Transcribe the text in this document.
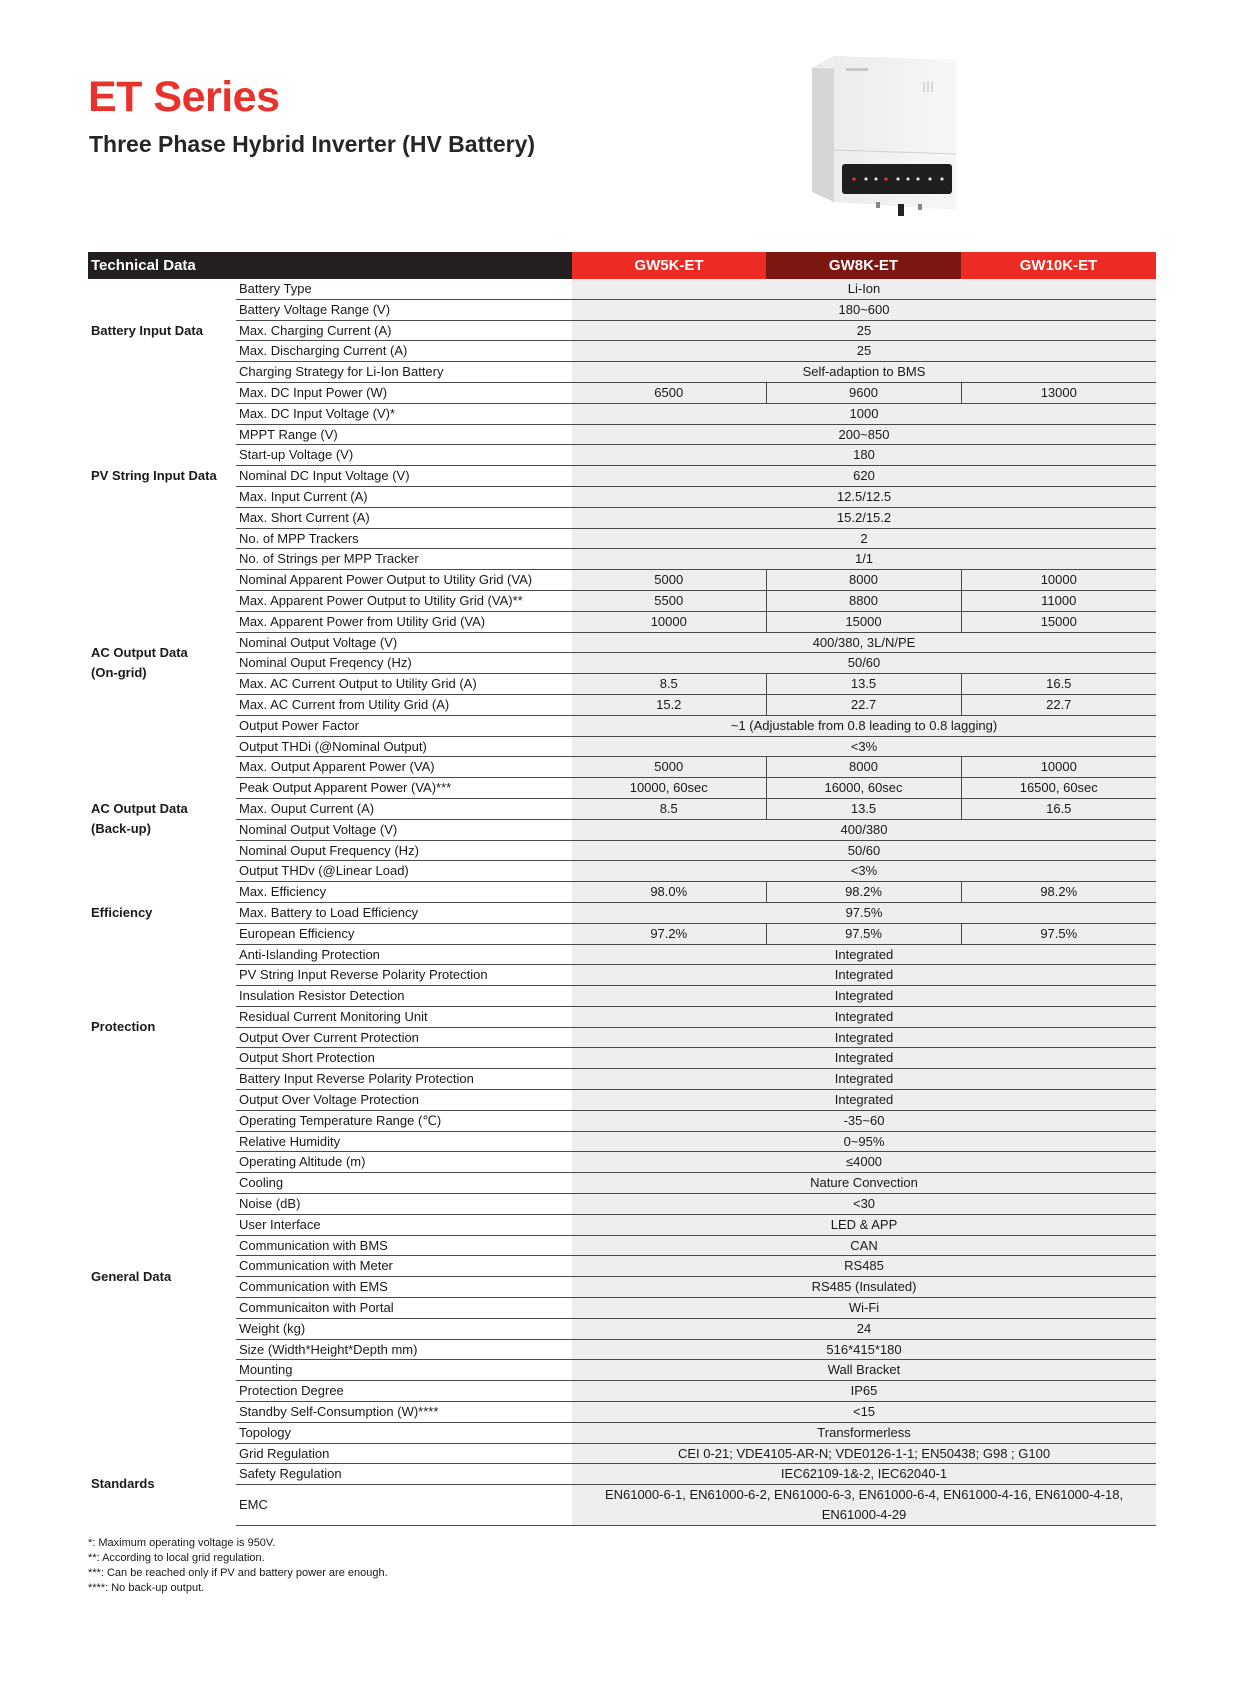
ET Series
Three Phase Hybrid Inverter (HV Battery)
Technical Data		GW5K-ET	GW8K-ET	GW10K-ET

Battery Input Data	Battery Type	Li-Ion		
	Battery Voltage Range (V)	180~600		
	Max. Charging Current (A)	25		
	Max. Discharging Current (A)	25		
	Charging Strategy for Li-Ion Battery	Self-adaption to BMS		

PV String Input Data	Max. DC Input Power (W)	6500	9600	13000
	Max. DC Input Voltage (V)*	1000		
	MPPT Range (V)	200~850		
	Start-up Voltage (V)	180		
	Nominal DC Input Voltage (V)	620		
	Max. Input Current (A)	12.5/12.5		
	Max. Short Current (A)	15.2/15.2		
	No. of MPP Trackers	2		
	No. of Strings per MPP Tracker	1/1		

AC Output Data
(On-grid)	Nominal Apparent Power Output to Utility Grid (VA)	5000	8000	10000
	Max. Apparent Power Output to Utility Grid (VA)**	5500	8800	11000
	Max. Apparent Power from Utility Grid (VA)	10000	15000	15000
	Nominal Output Voltage (V)	400/380, 3L/N/PE		
	Nominal Ouput Freqency (Hz)	50/60		
	Max. AC Current Output to Utility Grid (A)	8.5	13.5	16.5
	Max. AC Current from Utility Grid (A)	15.2	22.7	22.7
	Output Power Factor	~1 (Adjustable from 0.8 leading to 0.8 lagging)		
	Output THDi (@Nominal Output)	<3%		

AC Output Data
(Back-up)	Max. Output Apparent Power (VA)	5000	8000	10000
	Peak Output Apparent Power (VA)***	10000, 60sec	16000, 60sec	16500, 60sec
	Max. Ouput Current (A)	8.5	13.5	16.5
	Nominal Output Voltage (V)	400/380		
	Nominal Ouput Frequency (Hz)	50/60		
	Output THDv (@Linear Load)	<3%		

Efficiency	Max. Efficiency	98.0%	98.2%	98.2%
	Max. Battery to Load Efficiency	97.5%		
	European Efficiency	97.2%	97.5%	97.5%

Protection	Anti-Islanding Protection	Integrated		
	PV String Input Reverse Polarity Protection	Integrated		
	Insulation Resistor Detection	Integrated		
	Residual Current Monitoring Unit	Integrated		
	Output Over Current Protection	Integrated		
	Output Short Protection	Integrated		
	Battery Input Reverse Polarity Protection	Integrated		
	Output Over Voltage Protection	Integrated		

General Data	Operating Temperature Range (℃)	-35~60		
	Relative Humidity	0~95%		
	Operating Altitude (m)	≤4000		
	Cooling	Nature Convection		
	Noise (dB)	<30		
	User Interface	LED & APP		
	Communication with BMS	CAN		
	Communication with Meter	RS485		
	Communication with EMS	RS485 (Insulated)		
	Communicaiton with Portal	Wi-Fi		
	Weight (kg)	24		
	Size (Width*Height*Depth mm)	516*415*180		
	Mounting	Wall Bracket		
	Protection Degree	IP65		
	Standby Self-Consumption (W)****	<15		
	Topology	Transformerless		

Standards	Grid Regulation	CEI 0-21; VDE4105-AR-N; VDE0126-1-1; EN50438; G98 ; G100		
	Safety Regulation	IEC62109-1&-2, IEC62040-1		
	EMC	EN61000-6-1, EN61000-6-2, EN61000-6-3, EN61000-6-4, EN61000-4-16, EN61000-4-18, EN61000-4-29		
*: Maximum operating voltage is 950V.
**: According to local grid regulation.
***: Can be reached only if PV and battery power are enough.
****: No back-up output.
